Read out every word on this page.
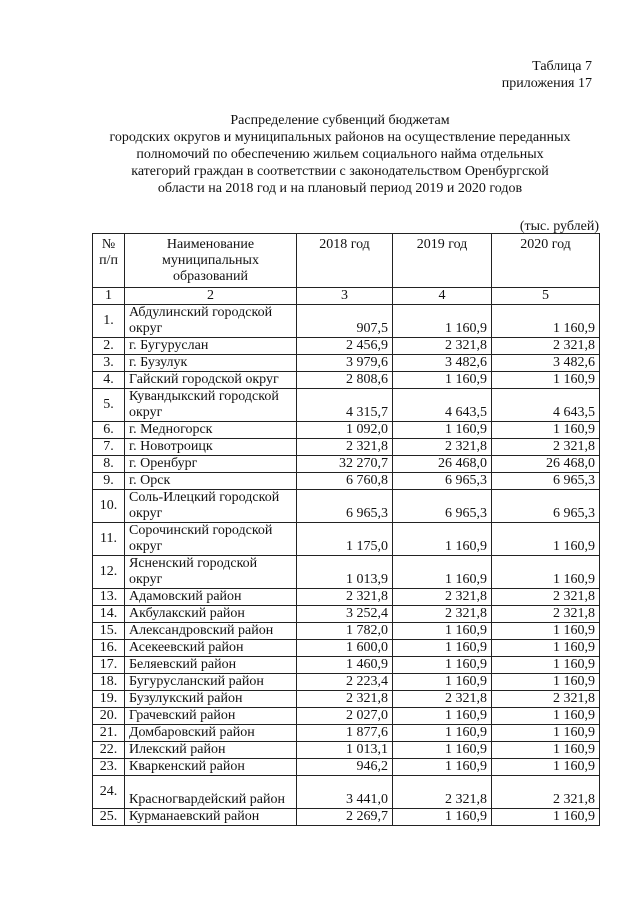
Таблица 7
приложения 17
Распределение субвенций бюджетам
городских округов и муниципальных районов на осуществление переданных
полномочий по обеспечению жильем социального найма отдельных
категорий граждан в соответствии с законодательством Оренбургской
области на 2018 год и на плановый период 2019 и 2020 годов
(тыс. рублей)
№ п/п	Наименование муниципальных образований	2018 год	2019 год	2020 год
1	2	3	4	5
1.	Абдулинский городской округ	907,5	1 160,9	1 160,9
2.	г. Бугуруслан	2 456,9	2 321,8	2 321,8
3.	г. Бузулук	3 979,6	3 482,6	3 482,6
4.	Гайский городской округ	2 808,6	1 160,9	1 160,9
5.	Кувандыкский городской округ	4 315,7	4 643,5	4 643,5
6.	г. Медногорск	1 092,0	1 160,9	1 160,9
7.	г. Новотроицк	2 321,8	2 321,8	2 321,8
8.	г. Оренбург	32 270,7	26 468,0	26 468,0
9.	г. Орск	6 760,8	6 965,3	6 965,3
10.	Соль-Илецкий городской округ	6 965,3	6 965,3	6 965,3
11.	Сорочинский городской округ	1 175,0	1 160,9	1 160,9
12.	Ясненский городской округ	1 013,9	1 160,9	1 160,9
13.	Адамовский район	2 321,8	2 321,8	2 321,8
14.	Акбулакский район	3 252,4	2 321,8	2 321,8
15.	Александровский район	1 782,0	1 160,9	1 160,9
16.	Асекеевский район	1 600,0	1 160,9	1 160,9
17.	Беляевский район	1 460,9	1 160,9	1 160,9
18.	Бугурусланский район	2 223,4	1 160,9	1 160,9
19.	Бузулукский район	2 321,8	2 321,8	2 321,8
20.	Грачевский район	2 027,0	1 160,9	1 160,9
21.	Домбаровский район	1 877,6	1 160,9	1 160,9
22.	Илекский район	1 013,1	1 160,9	1 160,9
23.	Кваркенский район	946,2	1 160,9	1 160,9
24.	Красногвардейский район	3 441,0	2 321,8	2 321,8
25.	Курманаевский район	2 269,7	1 160,9	1 160,9
